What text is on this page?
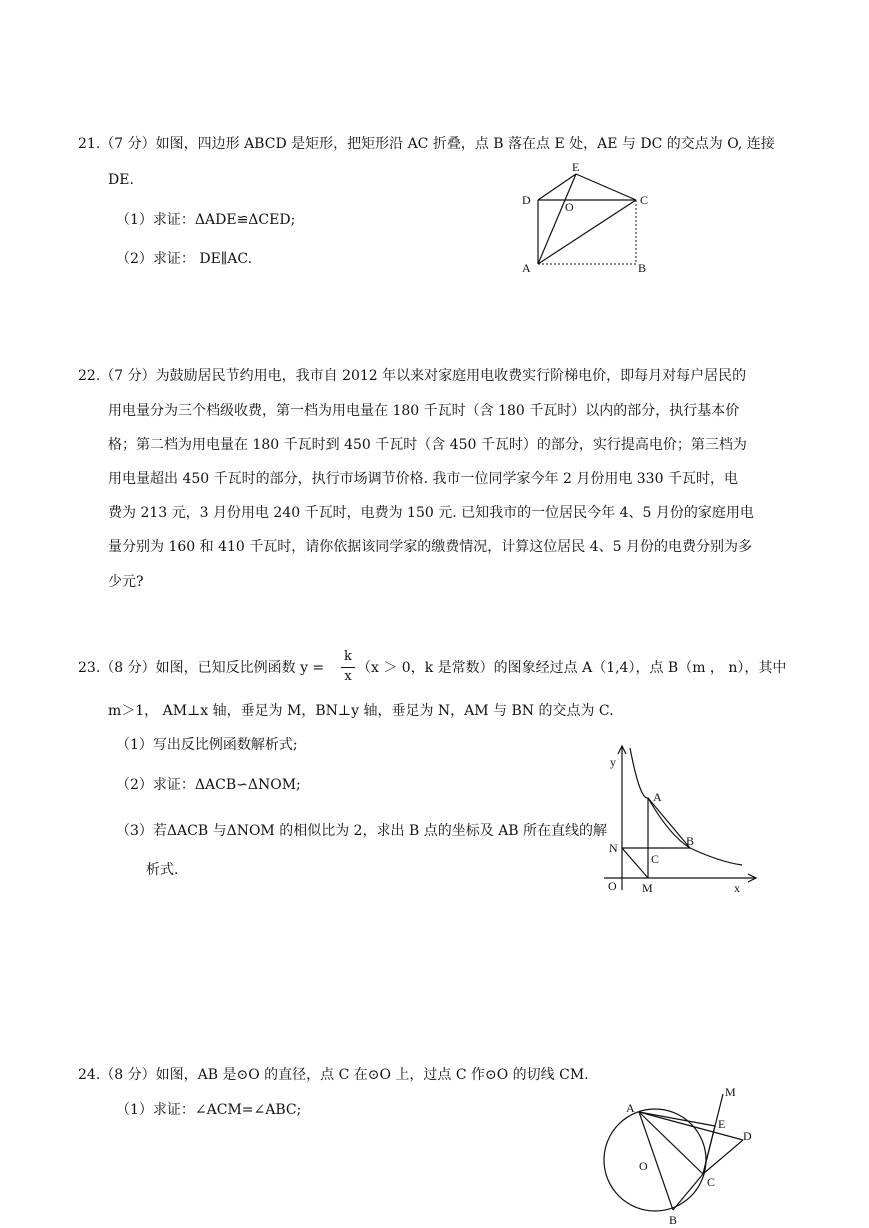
21.（7 分）如图，四边形 ABCD 是矩形，把矩形沿 AC 折叠，点 B 落在点 E 处，AE 与 DC 的交点为 O, 连接
DE.
（1）求证：ΔADE≌ΔCED;
（2）求证： DE∥AC.
E
D	O	C
A	B
22.（7 分）为鼓励居民节约用电，我市自 2012 年以来对家庭用电收费实行阶梯电价，即每月对每户居民的
用电量分为三个档级收费，第一档为用电量在 180 千瓦时（含 180 千瓦时）以内的部分，执行基本价
格；第二档为用电量在 180 千瓦时到 450 千瓦时（含 450 千瓦时）的部分，实行提高电价；第三档为
用电量超出 450 千瓦时的部分，执行市场调节价格. 我市一位同学家今年 2 月份用电 330 千瓦时，电
费为 213 元，3 月份用电 240 千瓦时，电费为 150 元. 已知我市的一位居民今年 4、5 月份的家庭用电
量分别为 160 和 410 千瓦时，请你依据该同学家的缴费情况，计算这位居民 4、5 月份的电费分别为多
少元?
23.（8 分）如图，已知反比例函数 y =
k
x
（x ＞ 0，k 是常数）的图象经过点 A（1,4），点 B（m ， n），其中
m＞1， AM⊥x 轴，垂足为 M，BN⊥y 轴，垂足为 N，AM 与 BN 的交点为 C.
（1）写出反比例函数解析式;
（2）求证：ΔACB∽ΔNOM;
（3）若ΔACB 与ΔNOM 的相似比为 2，求出 B 点的坐标及 AB 所在直线的解
析式.
y
A
B
N
C
O M	x
24.（8 分）如图，AB 是⊙O 的直径，点 C 在⊙O 上，过点 C 作⊙O 的切线 CM.
（1）求证：∠ACM=∠ABC;
M
A
E
D
O
C
B
